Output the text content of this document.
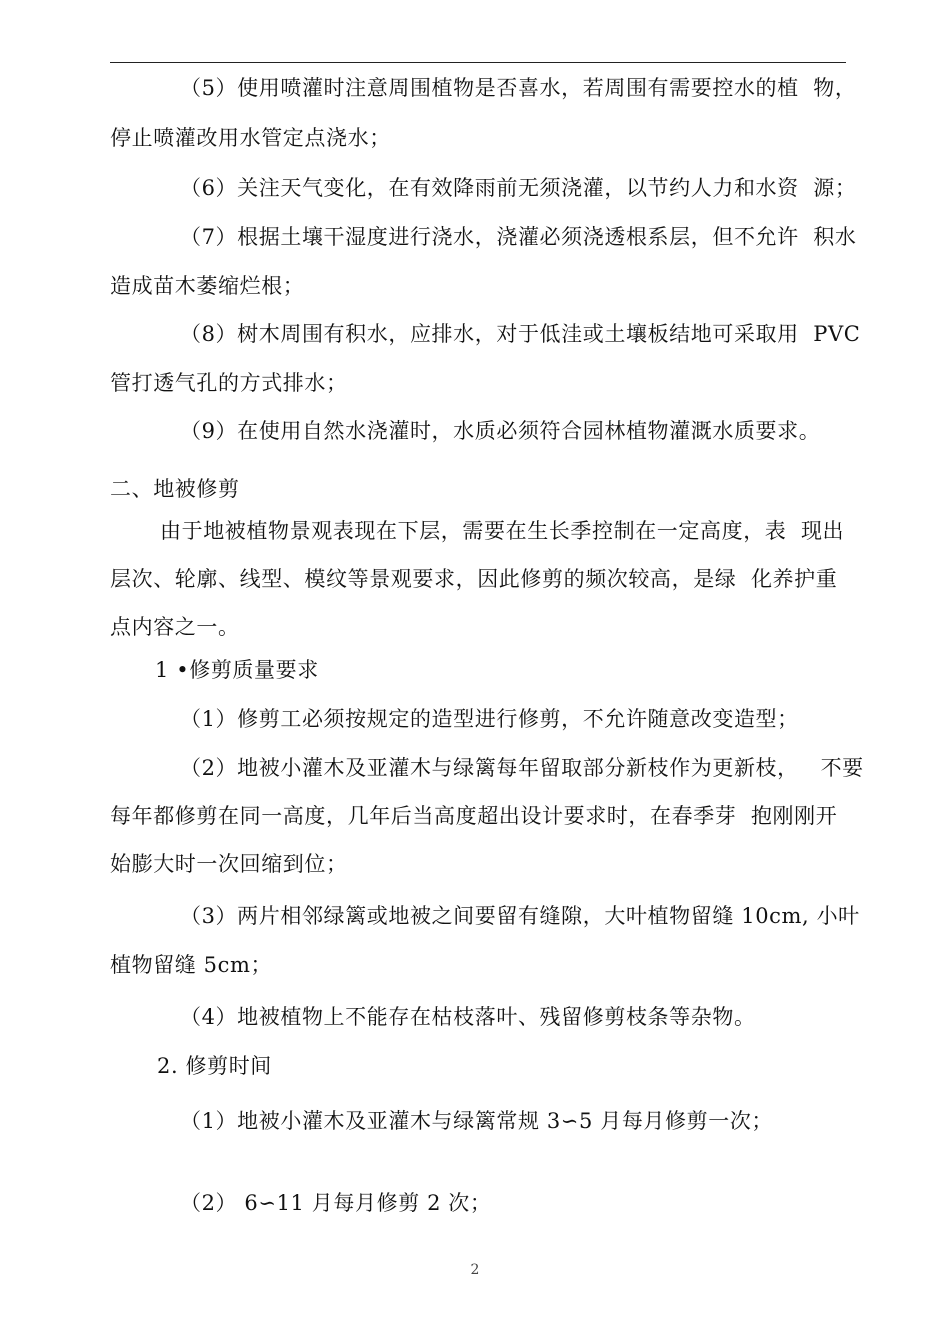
（5）使用喷灌时注意周围植物是否喜水，若周围有需要控水的植  物，
停止喷灌改用水管定点浇水；
（6）关注天气变化，在有效降雨前无须浇灌，以节约人力和水资  源；
（7）根据土壤干湿度进行浇水，浇灌必须浇透根系层，但不允许  积水
造成苗木萎缩烂根；
（8）树木周围有积水，应排水，对于低洼或土壤板结地可采取用  PVC
管打透气孔的方式排水；
（9）在使用自然水浇灌时，水质必须符合园林植物灌溉水质要求。
二、地被修剪
由于地被植物景观表现在下层，需要在生长季控制在一定高度，表  现出
层次、轮廓、线型、模纹等景观要求，因此修剪的频次较高，是绿  化养护重
点内容之一。
1 •修剪质量要求
（1）修剪工必须按规定的造型进行修剪，不允许随意改变造型；
（2）地被小灌木及亚灌木与绿篱每年留取部分新枝作为更新枝，   不要
每年都修剪在同一高度，几年后当高度超出设计要求时，在春季芽  抱刚刚开
始膨大时一次回缩到位；
（3）两片相邻绿篱或地被之间要留有缝隙，大叶植物留缝 10cm, 小叶
植物留缝 5cm；
（4）地被植物上不能存在枯枝落叶、残留修剪枝条等杂物。
2. 修剪时间
（1）地被小灌木及亚灌木与绿篱常规 3∽5 月每月修剪一次；
（2） 6∽11 月每月修剪 2 次；
2
